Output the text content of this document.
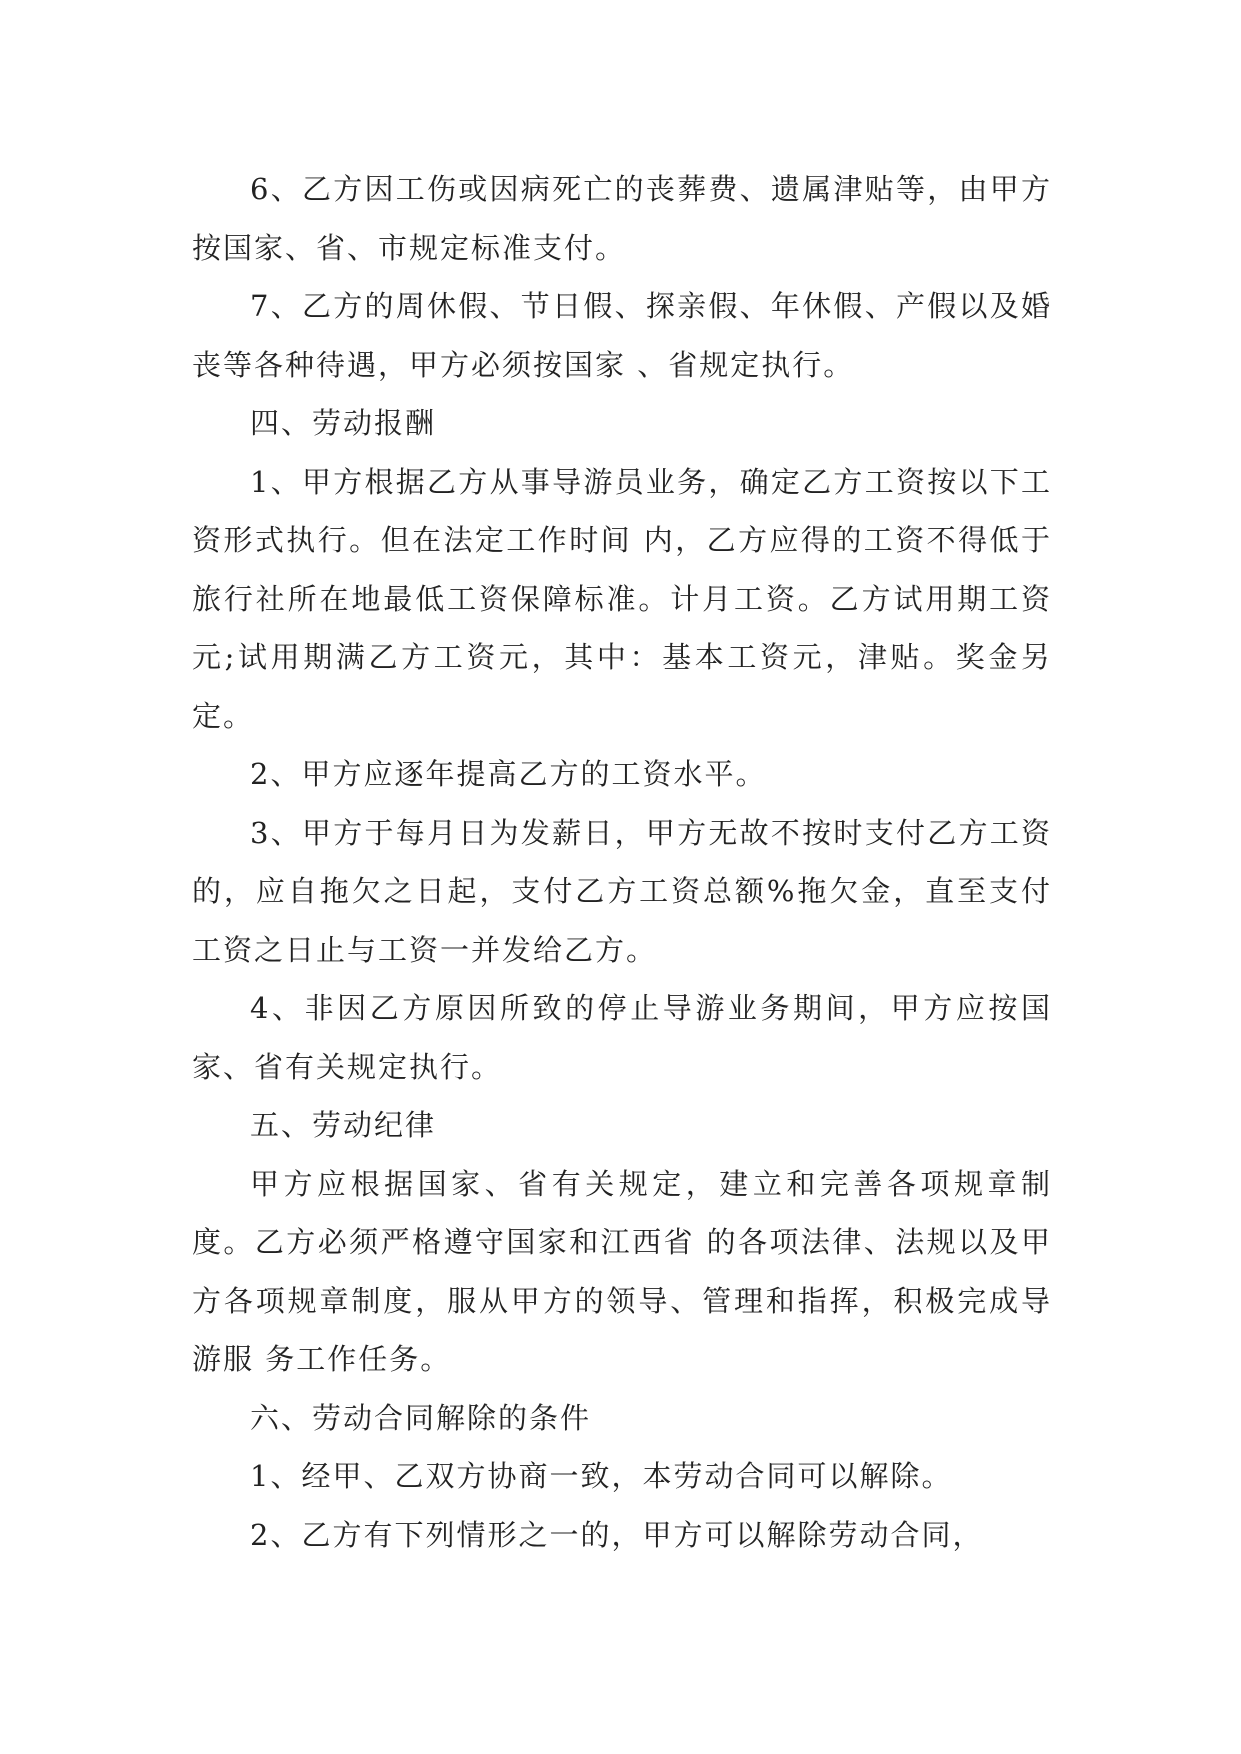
6、乙方因工伤或因病死亡的丧葬费、遗属津贴等，由甲方按国家、省、市规定标准支付。

7、乙方的周休假、节日假、探亲假、年休假、产假以及婚丧等各种待遇，甲方必须按国家 、省规定执行。

四、劳动报酬

1、甲方根据乙方从事导游员业务，确定乙方工资按以下工资形式执行。但在法定工作时间 内，乙方应得的工资不得低于旅行社所在地最低工资保障标准。计月工资。乙方试用期工资元;试用期满乙方工资元，其中：基本工资元，津贴。奖金另定。

2、甲方应逐年提高乙方的工资水平。

3、甲方于每月日为发薪日，甲方无故不按时支付乙方工资的，应自拖欠之日起，支付乙方工资总额%拖欠金，直至支付工资之日止与工资一并发给乙方。

4、非因乙方原因所致的停止导游业务期间，甲方应按国家、省有关规定执行。

五、劳动纪律

甲方应根据国家、省有关规定，建立和完善各项规章制度。乙方必须严格遵守国家和江西省 的各项法律、法规以及甲方各项规章制度，服从甲方的领导、管理和指挥，积极完成导游服 务工作任务。

六、劳动合同解除的条件

1、经甲、乙双方协商一致，本劳动合同可以解除。

2、乙方有下列情形之一的，甲方可以解除劳动合同，
